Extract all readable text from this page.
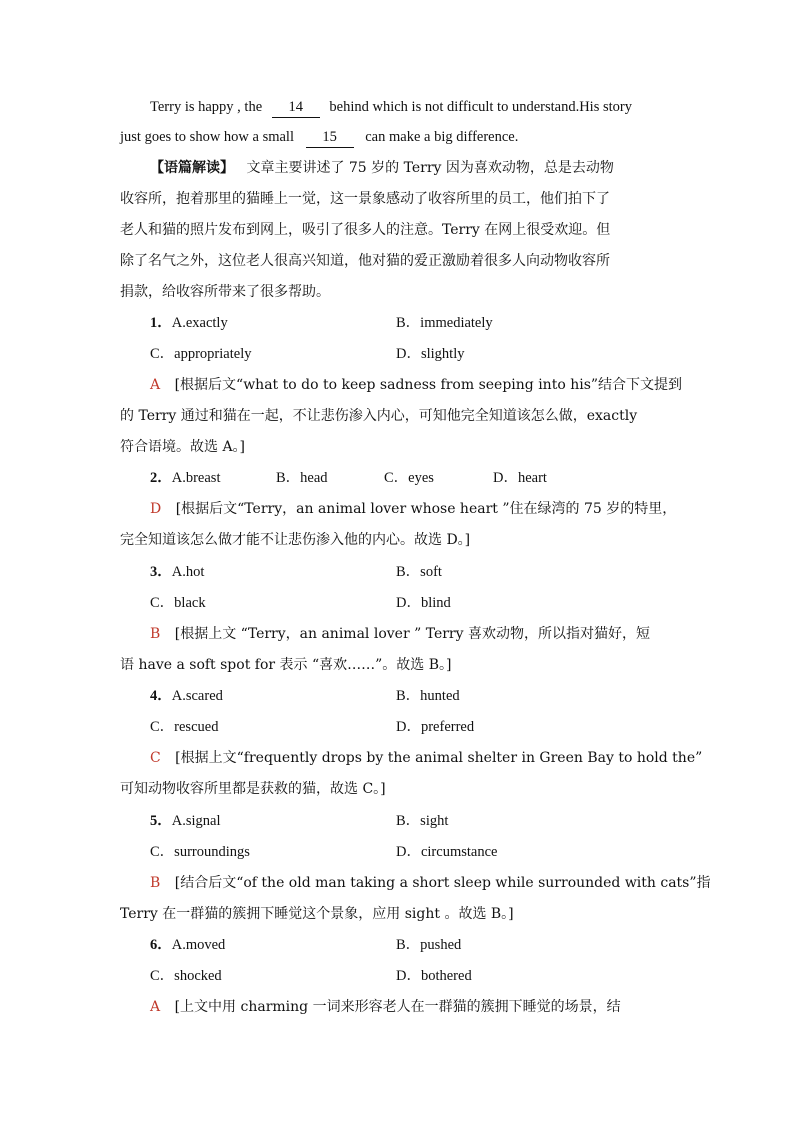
Terry is happy , the 14 behind which is not difficult to understand.His story
just goes to show how a small 15 can make a big difference.
【语篇解读】 文章主要讲述了 75 岁的 Terry 因为喜欢动物，总是去动物
收容所，抱着那里的猫睡上一觉，这一景象感动了收容所里的员工，他们拍下了
老人和猫的照片发布到网上，吸引了很多人的注意。Terry 在网上很受欢迎。但
除了名气之外，这位老人很高兴知道，他对猫的爱正激励着很多人向动物收容所
捐款，给收容所带来了很多帮助。
1．A.exactly	B．immediately
C．appropriately	D．slightly
A [根据后文“what to do to keep sadness from seeping into his”结合下文提到
的 Terry 通过和猫在一起，不让悲伤渗入内心，可知他完全知道该怎么做，exactly
符合语境。故选 A。]
2．A.breast	B．head	C．eyes	D．heart
D [根据后文“Terry，an animal lover whose heart ”住在绿湾的 75 岁的特里，
完全知道该怎么做才能不让悲伤渗入他的内心。故选 D。]
3．A.hot	B．soft
C．black	D．blind
B [根据上文 “Terry，an animal lover ” Terry 喜欢动物，所以指对猫好，短
语 have a soft spot for 表示 “喜欢……”。故选 B。]
4．A.scared	B．hunted
C．rescued	D．preferred
C [根据上文“frequently drops by the animal shelter in Green Bay to hold the”
可知动物收容所里都是获救的猫，故选 C。]
5．A.signal	B．sight
C．surroundings	D．circumstance
B [结合后文“of the old man taking a short sleep while surrounded with cats”指
Terry 在一群猫的簇拥下睡觉这个景象，应用 sight 。故选 B。]
6．A.moved	B．pushed
C．shocked	D．bothered
A [上文中用 charming 一词来形容老人在一群猫的簇拥下睡觉的场景，结
